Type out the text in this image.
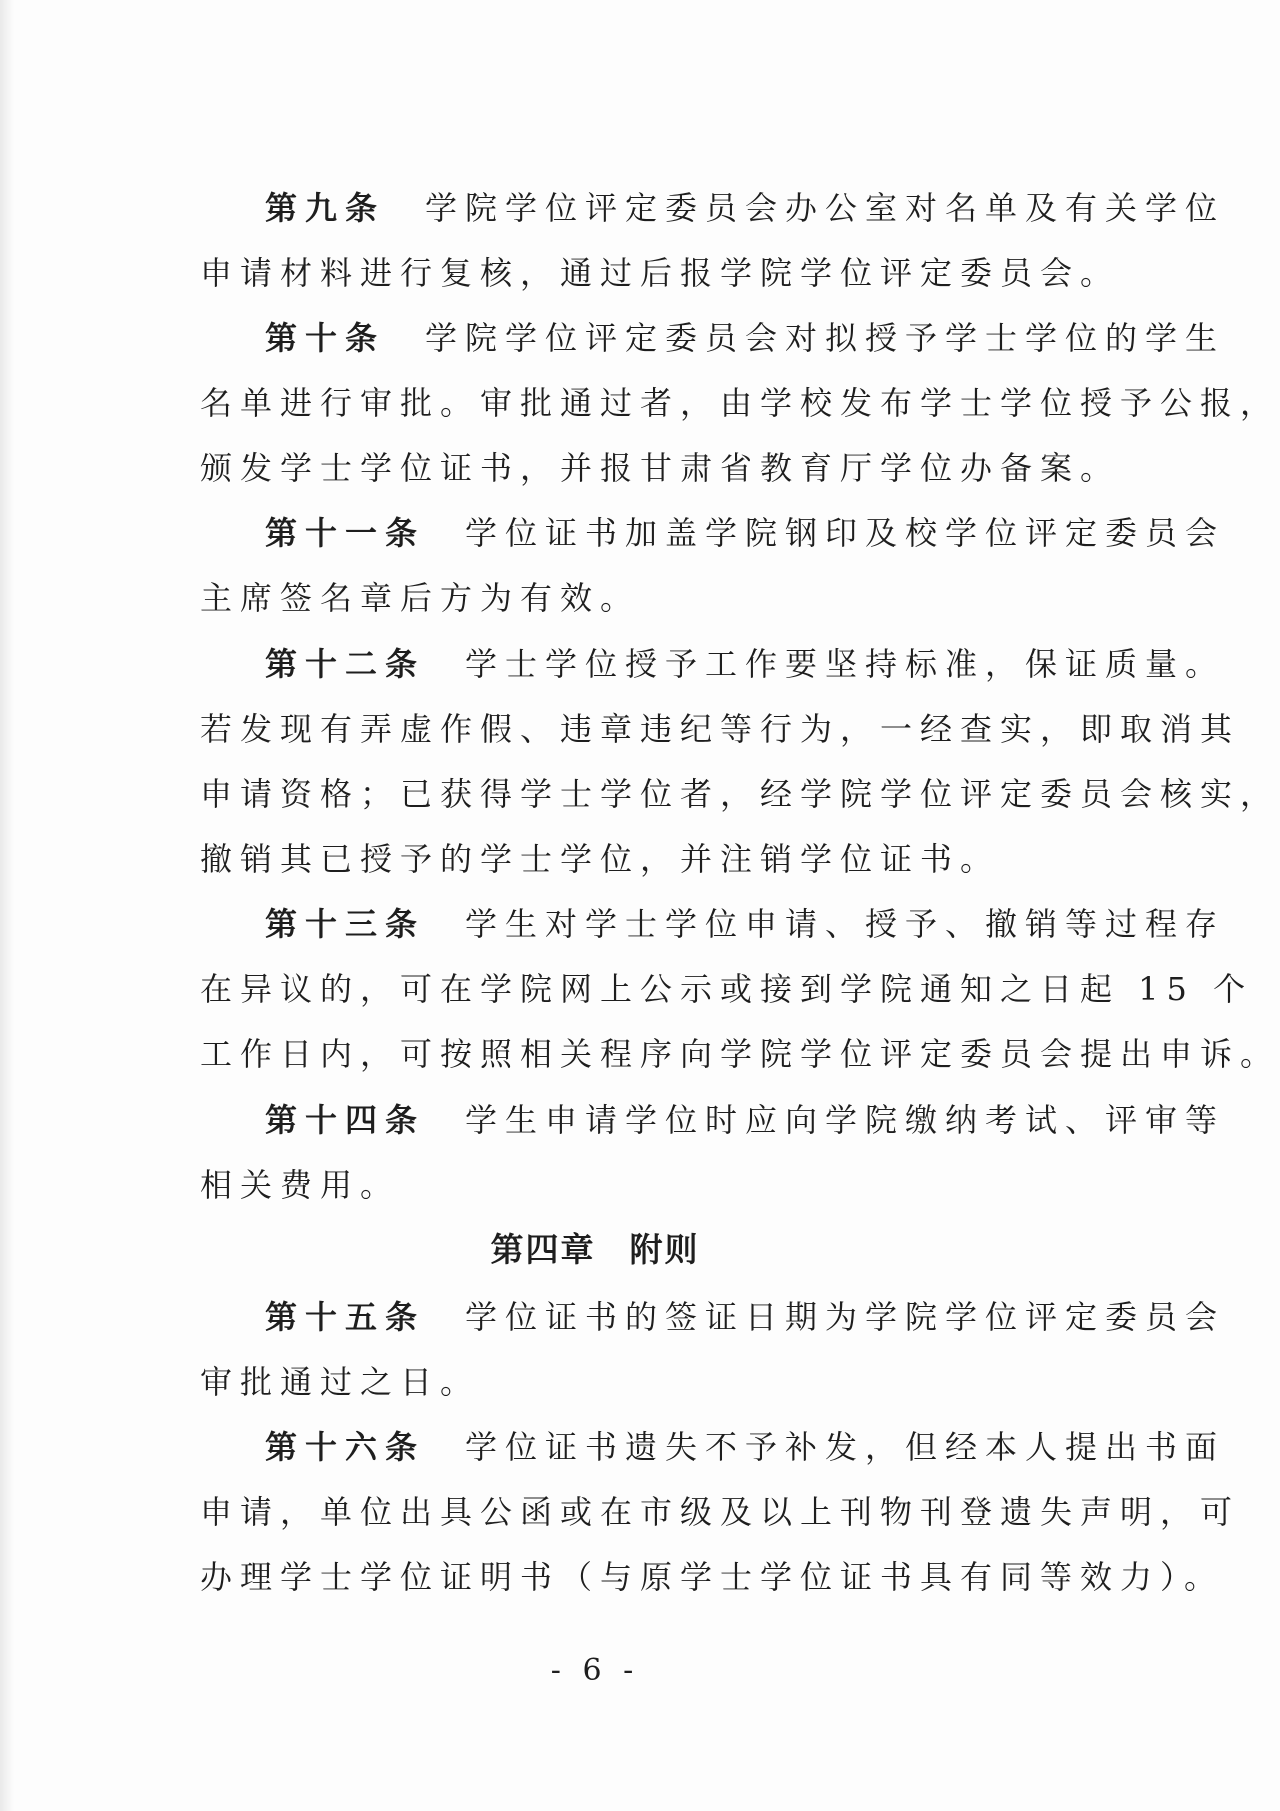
第九条　 学院学位评定委员会办公室对名单及有关学位
申请材料进行复核，通过后报学院学位评定委员会。
第十条　 学院学位评定委员会对拟授予学士学位的学生
名单进行审批。审批通过者，由学校发布学士学位授予公报，
颁发学士学位证书，并报甘肃省教育厅学位办备案。
第十一条　 学位证书加盖学院钢印及校学位评定委员会
主席签名章后方为有效。
第十二条　 学士学位授予工作要坚持标准，保证质量。
若发现有弄虚作假、违章违纪等行为，一经查实，即取消其
申请资格；已获得学士学位者，经学院学位评定委员会核实，
撤销其已授予的学士学位，并注销学位证书。
第十三条　 学生对学士学位申请、授予、撤销等过程存
在异议的，可在学院网上公示或接到学院通知之日起 15 个
工作日内，可按照相关程序向学院学位评定委员会提出申诉。
第十四条　 学生申请学位时应向学院缴纳考试、评审等
相关费用。
第四章 附则
第十五条　 学位证书的签证日期为学院学位评定委员会
审批通过之日。
第十六条　 学位证书遗失不予补发，但经本人提出书面
申请，单位出具公函或在市级及以上刊物刊登遗失声明，可
办理学士学位证明书（与原学士学位证书具有同等效力）。
- 6 -
